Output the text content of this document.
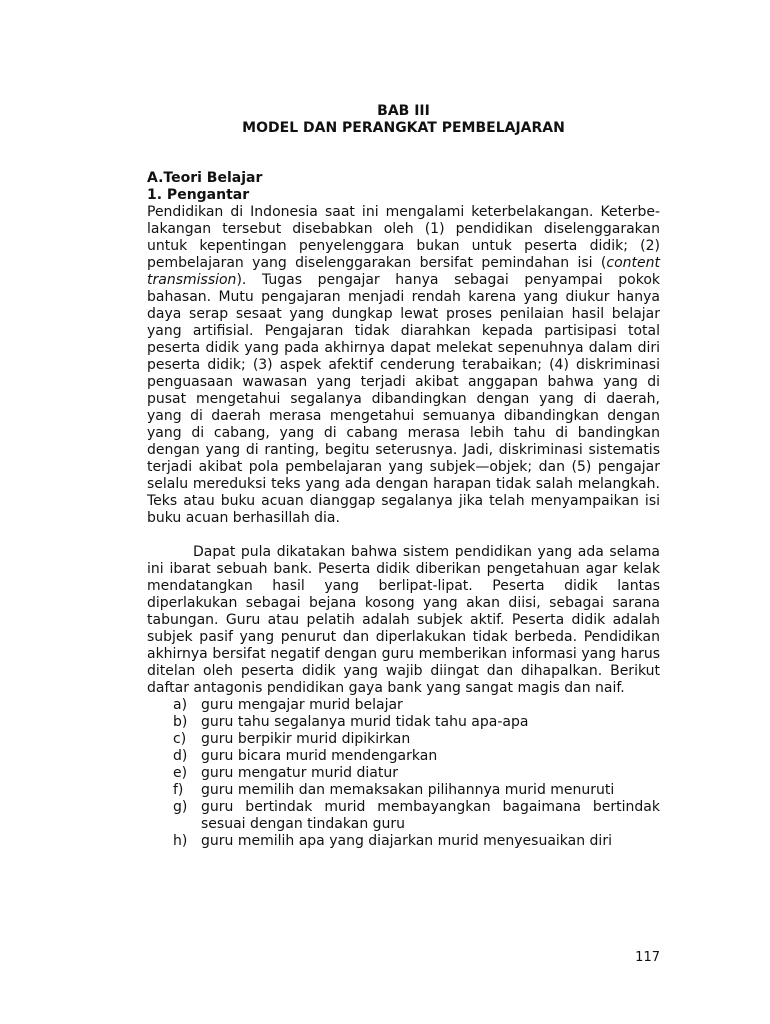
BAB III
MODEL DAN PERANGKAT PEMBELAJARAN

A.Teori Belajar

1. Pengantar

Pendidikan di Indonesia saat ini mengalami keterbelakangan. Keterbe-lakangan tersebut disebabkan oleh (1) pendidikan diselenggarakan untuk kepentingan penyelenggara bukan untuk peserta didik; (2) pembelajaran yang diselenggarakan bersifat pemindahan isi (content transmission). Tugas pengajar hanya sebagai penyampai pokok bahasan. Mutu pengajaran menjadi rendah karena yang diukur hanya daya serap sesaat yang dungkap lewat proses penilaian hasil belajar yang artifisial. Pengajaran tidak diarahkan kepada partisipasi total peserta didik yang pada akhirnya dapat melekat sepenuhnya dalam diri peserta didik; (3) aspek afektif cenderung terabaikan; (4) diskriminasi penguasaan wawasan yang terjadi akibat anggapan bahwa yang di pusat mengetahui segalanya dibandingkan dengan yang di daerah, yang di daerah merasa mengetahui semuanya dibandingkan dengan yang di cabang, yang di cabang merasa lebih tahu di bandingkan dengan yang di ranting, begitu seterusnya. Jadi, diskriminasi sistematis terjadi akibat pola pembelajaran yang subjek—objek; dan (5) pengajar selalu mereduksi teks yang ada dengan harapan tidak salah melangkah. Teks atau buku acuan dianggap segalanya jika telah menyampaikan isi buku acuan berhasillah dia.

Dapat pula dikatakan bahwa sistem pendidikan yang ada selama ini ibarat sebuah bank. Peserta didik diberikan pengetahuan agar kelak mendatangkan hasil yang berlipat-lipat. Peserta didik lantas diperlakukan sebagai bejana kosong yang akan diisi, sebagai sarana tabungan. Guru atau pelatih adalah subjek aktif. Peserta didik adalah subjek pasif yang penurut dan diperlakukan tidak berbeda. Pendidikan akhirnya bersifat negatif dengan guru memberikan informasi yang harus ditelan oleh peserta didik yang wajib diingat dan dihapalkan. Berikut daftar antagonis pendidikan gaya bank yang sangat magis dan naif.

a) guru mengajar murid belajar
b) guru tahu segalanya murid tidak tahu apa-apa
c) guru berpikir murid dipikirkan
d) guru bicara murid mendengarkan
e) guru mengatur murid diatur
f) guru memilih dan memaksakan pilihannya murid menuruti
g) guru bertindak murid membayangkan bagaimana bertindak sesuai dengan tindakan guru
h) guru memilih apa yang diajarkan murid menyesuaikan diri
117
